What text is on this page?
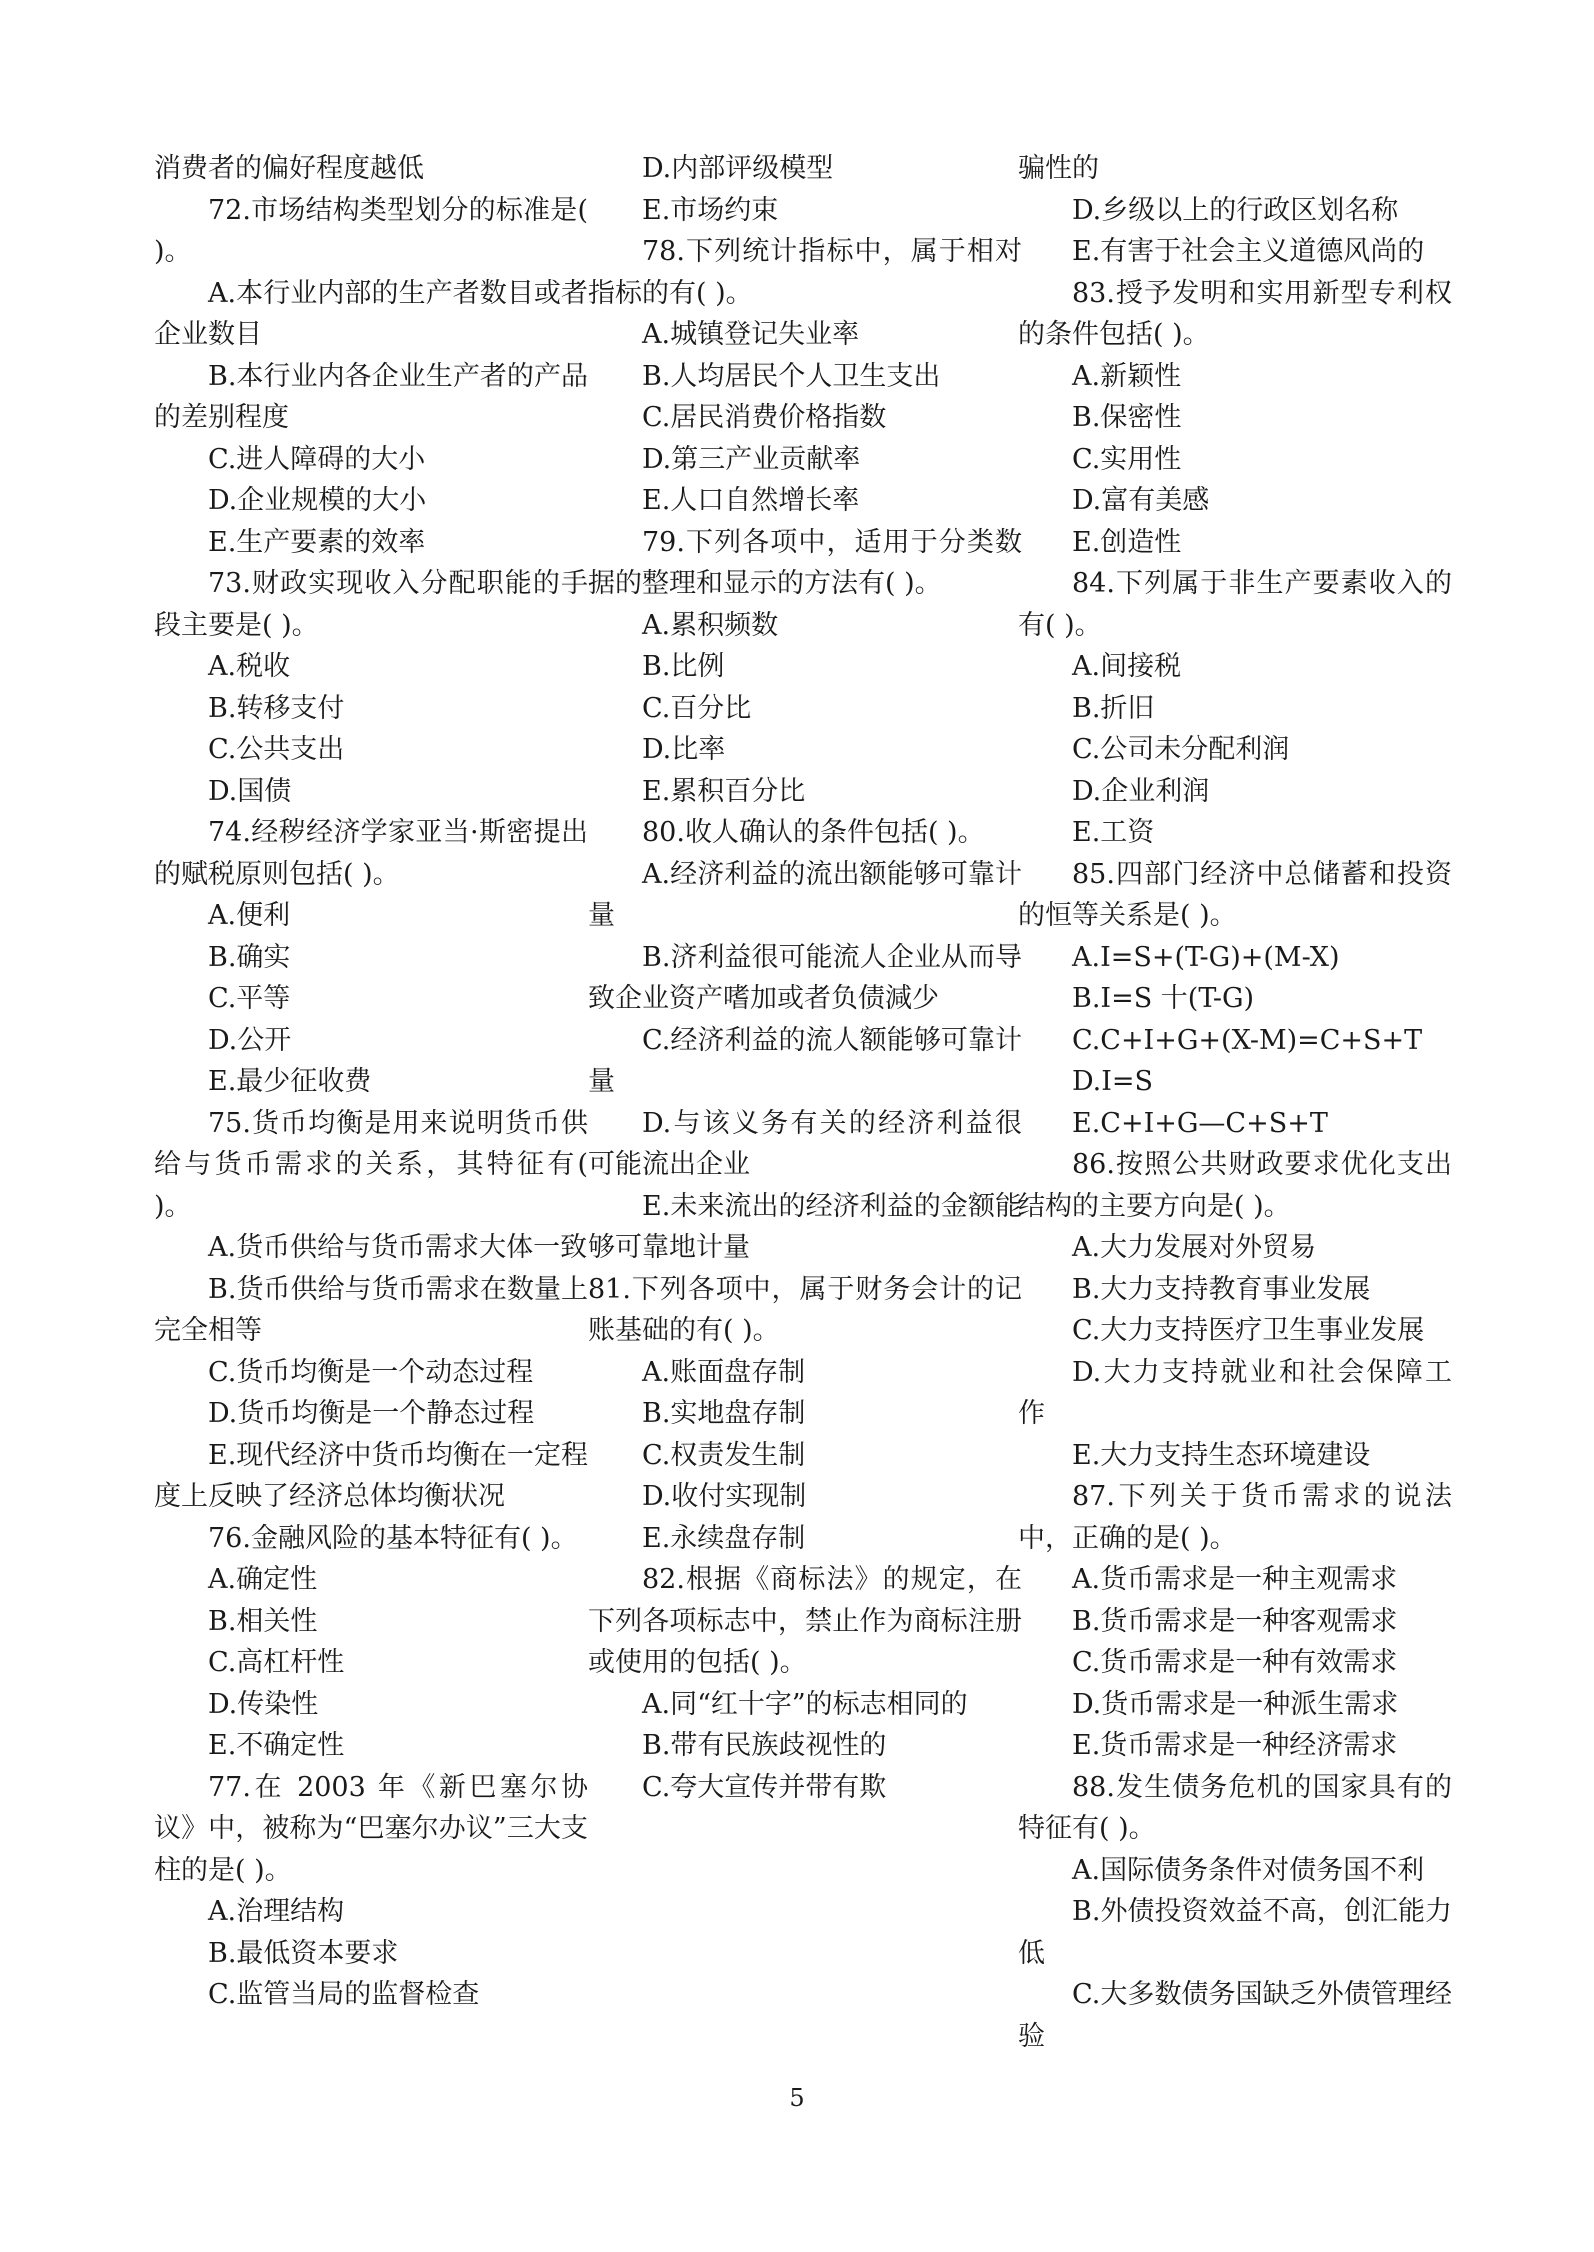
消费者的偏好程度越低

72.市场结构类型划分的标准是( )。

A.本行业内部的生产者数目或者企业数目

B.本行业内各企业生产者的产品的差别程度

C.进人障碍的大小

D.企业规模的大小

E.生产要素的效率

73.财政实现收入分配职能的手段主要是( )。

A.税收

B.转移支付

C.公共支出

D.国债

74.经秽经济学家亚当·斯密提出的赋税原则包括( )。

A.便利

B.确实

C.平等

D.公开

E.最少征收费

75.货币均衡是用来说明货币供给与货币需求的关系，其特征有( )。

A.货币供给与货币需求大体一致

B.货币供给与货币需求在数量上完全相等

C.货币均衡是一个动态过程

D.货币均衡是一个静态过程

E.现代经济中货币均衡在一定程度上反映了经济总体均衡状况

76.金融风险的基本特征有( )。

A.确定性

B.相关性

C.高杠杆性

D.传染性

E.不确定性

77.在 2003 年《新巴塞尔协议》中，被称为“巴塞尔办议”三大支柱的是( )。

A.治理结构

B.最低资本要求

C.监管当局的监督检查

D.内部评级模型

E.市场约束

78.下列统计指标中，属于相对指标的有( )。

A.城镇登记失业率

B.人均居民个人卫生支出

C.居民消费价格指数

D.第三产业贡献率

E.人口自然增长率

79.下列各项中，适用于分类数据的整理和显示的方法有( )。

A.累积频数

B.比例

C.百分比

D.比率

E.累积百分比

80.收人确认的条件包括( )。

A.经济利益的流出额能够可靠计量

B.济利益很可能流人企业从而导致企业资产嗜加或者负债減少

C.经济利益的流人额能够可靠计量

D.与该义务有关的经济利益很可能流出企业

E.未来流出的经济利益的金额能够可靠地计量

81.下列各项中，属于财务会计的记账基础的有( )。

A.账面盘存制

B.实地盘存制

C.权责发生制

D.收付实现制

E.永续盘存制

82.根据《商标法》的规定，在下列各项标志中，禁止作为商标注册或使用的包括( )。

A.同“红十字”的标志相同的

B.带有民族歧视性的

C.夸大宣传并带有欺

骗性的

D.乡级以上的行政区划名称

E.有害于社会主义道德风尚的

83.授予发明和实用新型专利权的条件包括( )。

A.新颖性

B.保密性

C.实用性

D.富有美感

E.创造性

84.下列属于非生产要素收入的有( )。

A.间接税

B.折旧

C.公司未分配利润

D.企业利润

E.工资

85.四部门经济中总储蓄和投资的恒等关系是( )。

A.I=S+(T-G)+(M-X)

B.I=S 十(T-G)

C.C+I+G+(X-M)=C+S+T

D.I=S

E.C+I+G—C+S+T

86.按照公共财政要求优化支出结构的主要方向是( )。

A.大力发展对外贸易

B.大力支持教育事业发展

C.大力支持医疗卫生事业发展

D.大力支持就业和社会保障工作

E.大力支持生态环境建设

87.下列关于货币需求的说法中，正确的是( )。

A.货币需求是一种主观需求

B.货币需求是一种客观需求

C.货币需求是一种有效需求

D.货币需求是一种派生需求

E.货币需求是一种经济需求

88.发生债务危机的国家具有的特征有( )。

A.国际债务条件对债务国不利

B.外债投资效益不高，创汇能力低

C.大多数债务国缺乏外债管理经验

5
